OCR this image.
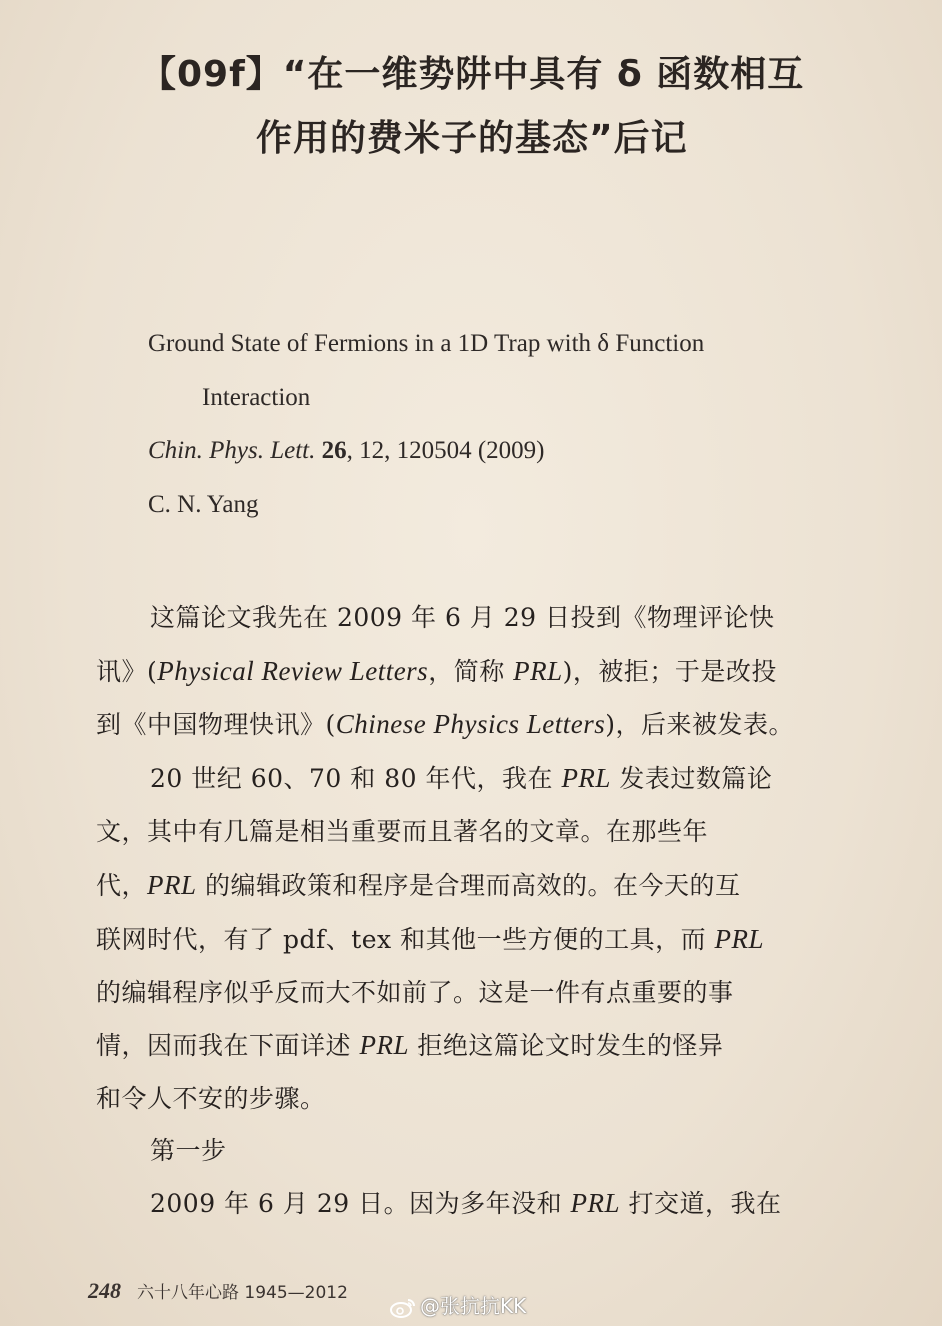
【09f】“在一维势阱中具有 δ 函数相互
作用的费米子的基态”后记
Ground State of Fermions in a 1D Trap with δ Function
Interaction
Chin. Phys. Lett. 26, 12, 120504 (2009)
C. N. Yang
这篇论文我先在 2009 年 6 月 29 日投到《物理评论快
讯》(Physical Review Letters，简称 PRL)，被拒；于是改投
到《中国物理快讯》(Chinese Physics Letters)，后来被发表。
20 世纪 60、70 和 80 年代，我在 PRL 发表过数篇论
文，其中有几篇是相当重要而且著名的文章。在那些年
代，PRL 的编辑政策和程序是合理而高效的。在今天的互
联网时代，有了 pdf、tex 和其他一些方便的工具，而 PRL
的编辑程序似乎反而大不如前了。这是一件有点重要的事
情，因而我在下面详述 PRL 拒绝这篇论文时发生的怪异
和令人不安的步骤。
第一步
2009 年 6 月 29 日。因为多年没和 PRL 打交道，我在
248 六十八年心路 1945—2012
@张抗抗KK
